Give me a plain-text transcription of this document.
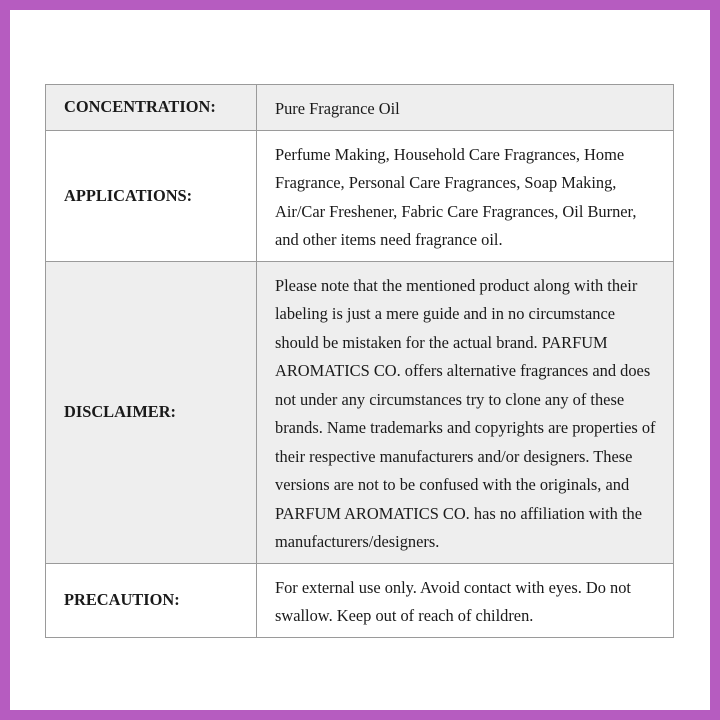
CONCENTRATION:	Pure Fragrance Oil

APPLICATIONS:	Perfume Making, Household Care Fragrances, Home Fragrance, Personal Care Fragrances, Soap Making, Air/Car Freshener, Fabric Care Fragrances, Oil Burner, and other items need fragrance oil.

DISCLAIMER:	Please note that the mentioned product along with their labeling is just a mere guide and in no circumstance should be mistaken for the actual brand. PARFUM AROMATICS CO. offers alternative fragrances and does not under any circumstances try to clone any of these brands. Name trademarks and copyrights are properties of their respective manufacturers and/or designers. These versions are not to be confused with the originals, and PARFUM AROMATICS CO. has no affiliation with the manufacturers/designers.

PRECAUTION:	For external use only. Avoid contact with eyes. Do not swallow. Keep out of reach of children.
